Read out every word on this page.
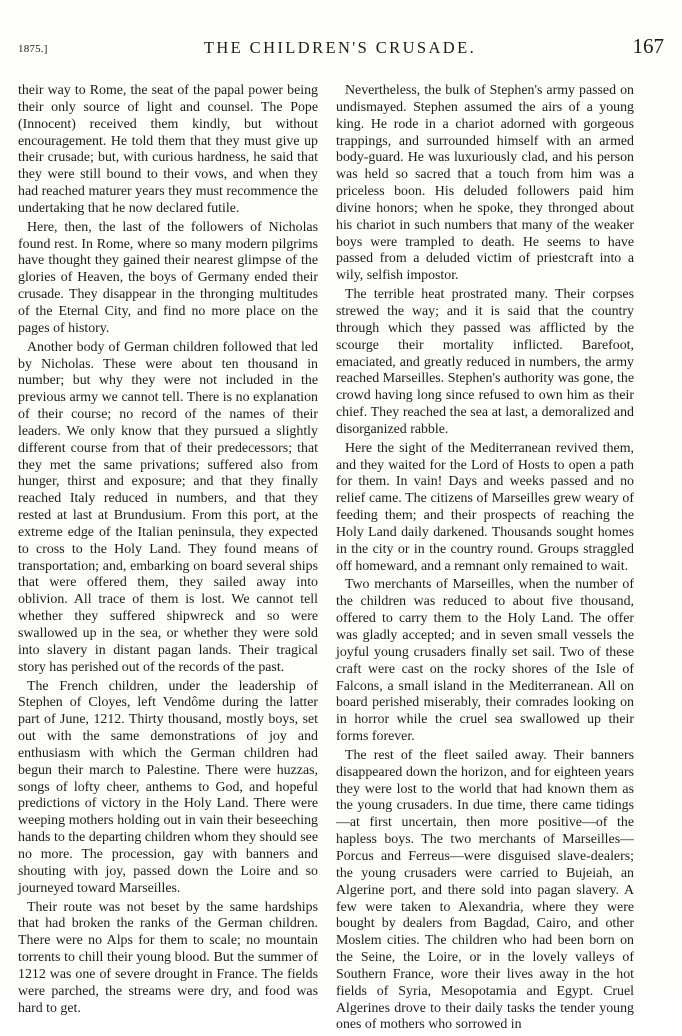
1875.]	THE CHILDREN'S CRUSADE.	167

their way to Rome, the seat of the papal power being their only source of light and counsel. The Pope (Innocent) received them kindly, but without encouragement. He told them that they must give up their crusade; but, with curious hardness, he said that they were still bound to their vows, and when they had reached maturer years they must recommence the undertaking that he now declared futile.

Here, then, the last of the followers of Nicholas found rest. In Rome, where so many modern pilgrims have thought they gained their nearest glimpse of the glories of Heaven, the boys of Germany ended their crusade. They disappear in the thronging multitudes of the Eternal City, and find no more place on the pages of history.

Another body of German children followed that led by Nicholas. These were about ten thousand in number; but why they were not included in the previous army we cannot tell. There is no explanation of their course; no record of the names of their leaders. We only know that they pursued a slightly different course from that of their predecessors; that they met the same privations; suffered also from hunger, thirst and exposure; and that they finally reached Italy reduced in numbers, and that they rested at last at Brundusium. From this port, at the extreme edge of the Italian peninsula, they expected to cross to the Holy Land. They found means of transportation; and, embarking on board several ships that were offered them, they sailed away into oblivion. All trace of them is lost. We cannot tell whether they suffered shipwreck and so were swallowed up in the sea, or whether they were sold into slavery in distant pagan lands. Their tragical story has perished out of the records of the past.

The French children, under the leadership of Stephen of Cloyes, left Vendôme during the latter part of June, 1212. Thirty thousand, mostly boys, set out with the same demonstrations of joy and enthusiasm with which the German children had begun their march to Palestine. There were huzzas, songs of lofty cheer, anthems to God, and hopeful predictions of victory in the Holy Land. There were weeping mothers holding out in vain their beseeching hands to the departing children whom they should see no more. The procession, gay with banners and shouting with joy, passed down the Loire and so journeyed toward Marseilles.

Their route was not beset by the same hardships that had broken the ranks of the German children. There were no Alps for them to scale; no mountain torrents to chill their young blood. But the summer of 1212 was one of severe drought in France. The fields were parched, the streams were dry, and food was hard to get.

Nevertheless, the bulk of Stephen's army passed on undismayed. Stephen assumed the airs of a young king. He rode in a chariot adorned with gorgeous trappings, and surrounded himself with an armed body-guard. He was luxuriously clad, and his person was held so sacred that a touch from him was a priceless boon. His deluded followers paid him divine honors; when he spoke, they thronged about his chariot in such numbers that many of the weaker boys were trampled to death. He seems to have passed from a deluded victim of priestcraft into a wily, selfish impostor.

The terrible heat prostrated many. Their corpses strewed the way; and it is said that the country through which they passed was afflicted by the scourge their mortality inflicted. Barefoot, emaciated, and greatly reduced in numbers, the army reached Marseilles. Stephen's authority was gone, the crowd having long since refused to own him as their chief. They reached the sea at last, a demoralized and disorganized rabble.

Here the sight of the Mediterranean revived them, and they waited for the Lord of Hosts to open a path for them. In vain! Days and weeks passed and no relief came. The citizens of Marseilles grew weary of feeding them; and their prospects of reaching the Holy Land daily darkened. Thousands sought homes in the city or in the country round. Groups straggled off homeward, and a remnant only remained to wait.

Two merchants of Marseilles, when the number of the children was reduced to about five thousand, offered to carry them to the Holy Land. The offer was gladly accepted; and in seven small vessels the joyful young crusaders finally set sail. Two of these craft were cast on the rocky shores of the Isle of Falcons, a small island in the Mediterranean. All on board perished miserably, their comrades looking on in horror while the cruel sea swallowed up their forms forever.

The rest of the fleet sailed away. Their banners disappeared down the horizon, and for eighteen years they were lost to the world that had known them as the young crusaders. In due time, there came tidings—at first uncertain, then more positive—of the hapless boys. The two merchants of Marseilles—Porcus and Ferreus—were disguised slave-dealers; the young crusaders were carried to Bujeiah, an Algerine port, and there sold into pagan slavery. A few were taken to Alexandria, where they were bought by dealers from Bagdad, Cairo, and other Moslem cities. The children who had been born on the Seine, the Loire, or in the lovely valleys of Southern France, wore their lives away in the hot fields of Syria, Mesopotamia and Egypt. Cruel Algerines drove to their daily tasks the tender young ones of mothers who sorrowed in
